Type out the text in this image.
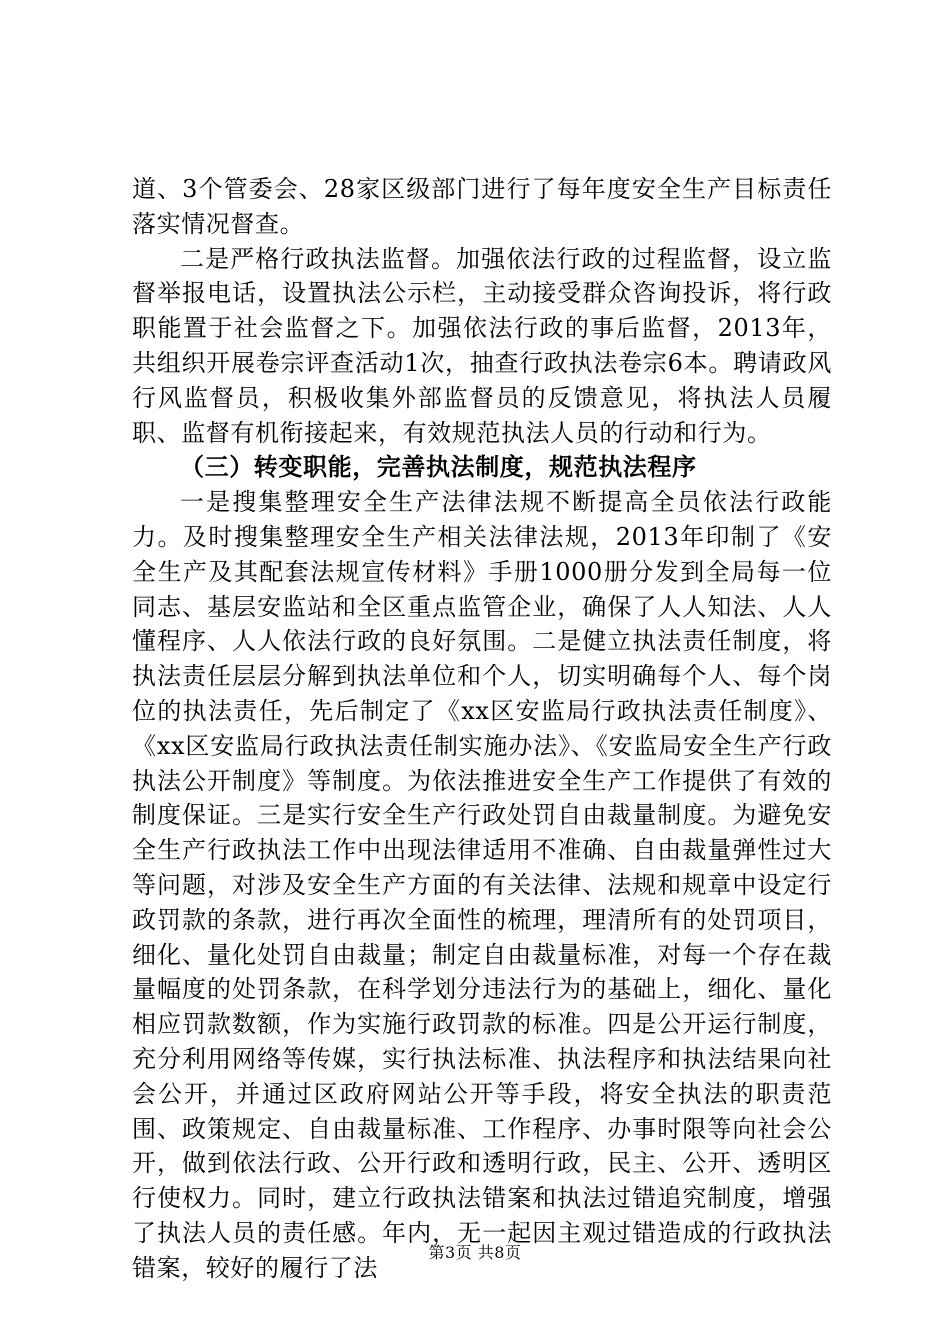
道、3个管委会、28家区级部门进行了每年度安全生产目标责任落实情况督查。

二是严格行政执法监督。加强依法行政的过程监督，设立监督举报电话，设置执法公示栏，主动接受群众咨询投诉，将行政职能置于社会监督之下。加强依法行政的事后监督，2013年，共组织开展卷宗评查活动1次，抽查行政执法卷宗6本。聘请政风行风监督员，积极收集外部监督员的反馈意见，将执法人员履职、监督有机衔接起来，有效规范执法人员的行动和行为。

（三）转变职能，完善执法制度，规范执法程序

一是搜集整理安全生产法律法规不断提高全员依法行政能力。及时搜集整理安全生产相关法律法规，2013年印制了《安全生产及其配套法规宣传材料》手册1000册分发到全局每一位同志、基层安监站和全区重点监管企业，确保了人人知法、人人懂程序、人人依法行政的良好氛围。二是健立执法责任制度，将执法责任层层分解到执法单位和个人，切实明确每个人、每个岗位的执法责任，先后制定了《xx区安监局行政执法责任制度》、《xx区安监局行政执法责任制实施办法》、《安监局安全生产行政执法公开制度》等制度。为依法推进安全生产工作提供了有效的制度保证。三是实行安全生产行政处罚自由裁量制度。为避免安全生产行政执法工作中出现法律适用不准确、自由裁量弹性过大等问题，对涉及安全生产方面的有关法律、法规和规章中设定行政罚款的条款，进行再次全面性的梳理，理清所有的处罚项目，细化、量化处罚自由裁量；制定自由裁量标准，对每一个存在裁量幅度的处罚条款，在科学划分违法行为的基础上，细化、量化相应罚款数额，作为实施行政罚款的标准。四是公开运行制度，充分利用网络等传媒，实行执法标准、执法程序和执法结果向社会公开，并通过区政府网站公开等手段，将安全执法的职责范围、政策规定、自由裁量标准、工作程序、办事时限等向社会公开，做到依法行政、公开行政和透明行政，民主、公开、透明区行使权力。同时，建立行政执法错案和执法过错追究制度，增强了执法人员的责任感。年内，无一起因主观过错造成的行政执法错案，较好的履行了法

第3页 共8页
